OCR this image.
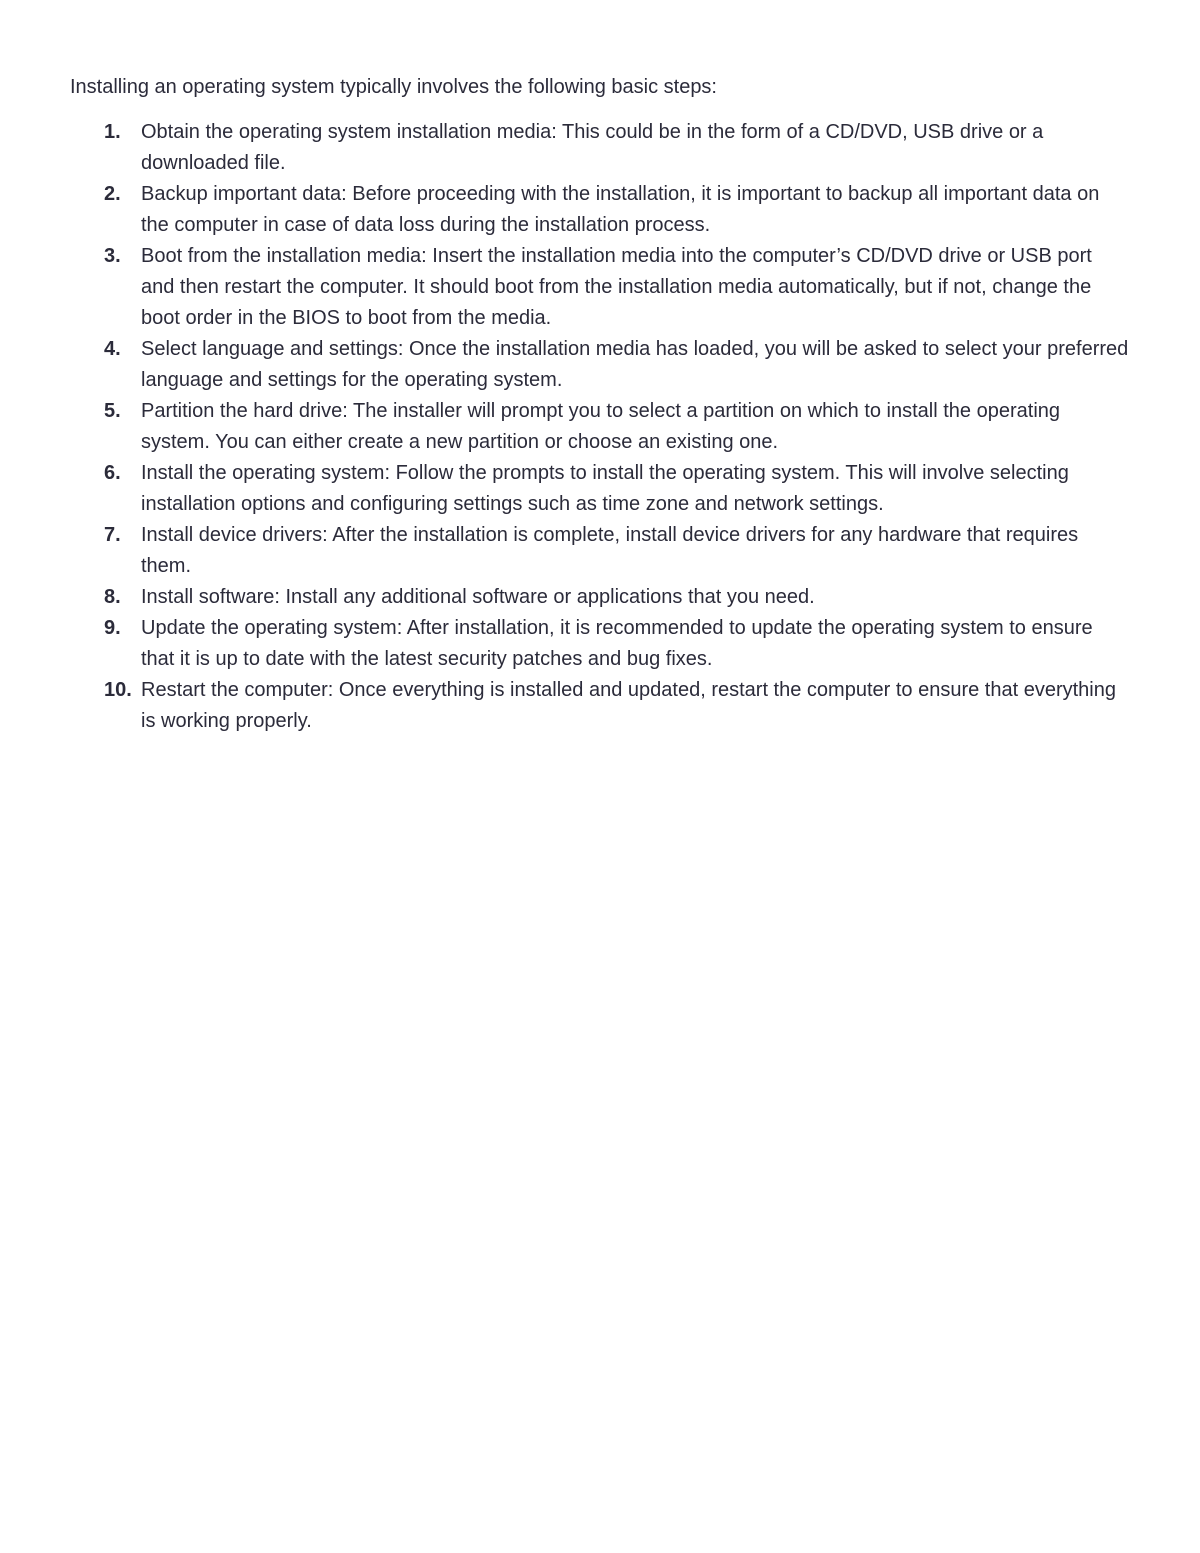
Installing an operating system typically involves the following basic steps:

1. Obtain the operating system installation media: This could be in the form of a CD/DVD, USB drive or a downloaded file.
2. Backup important data: Before proceeding with the installation, it is important to backup all important data on the computer in case of data loss during the installation process.
3. Boot from the installation media: Insert the installation media into the computer’s CD/DVD drive or USB port and then restart the computer. It should boot from the installation media automatically, but if not, change the boot order in the BIOS to boot from the media.
4. Select language and settings: Once the installation media has loaded, you will be asked to select your preferred language and settings for the operating system.
5. Partition the hard drive: The installer will prompt you to select a partition on which to install the operating system. You can either create a new partition or choose an existing one.
6. Install the operating system: Follow the prompts to install the operating system. This will involve selecting installation options and configuring settings such as time zone and network settings.
7. Install device drivers: After the installation is complete, install device drivers for any hardware that requires them.
8. Install software: Install any additional software or applications that you need.
9. Update the operating system: After installation, it is recommended to update the operating system to ensure that it is up to date with the latest security patches and bug fixes.
10. Restart the computer: Once everything is installed and updated, restart the computer to ensure that everything is working properly.
